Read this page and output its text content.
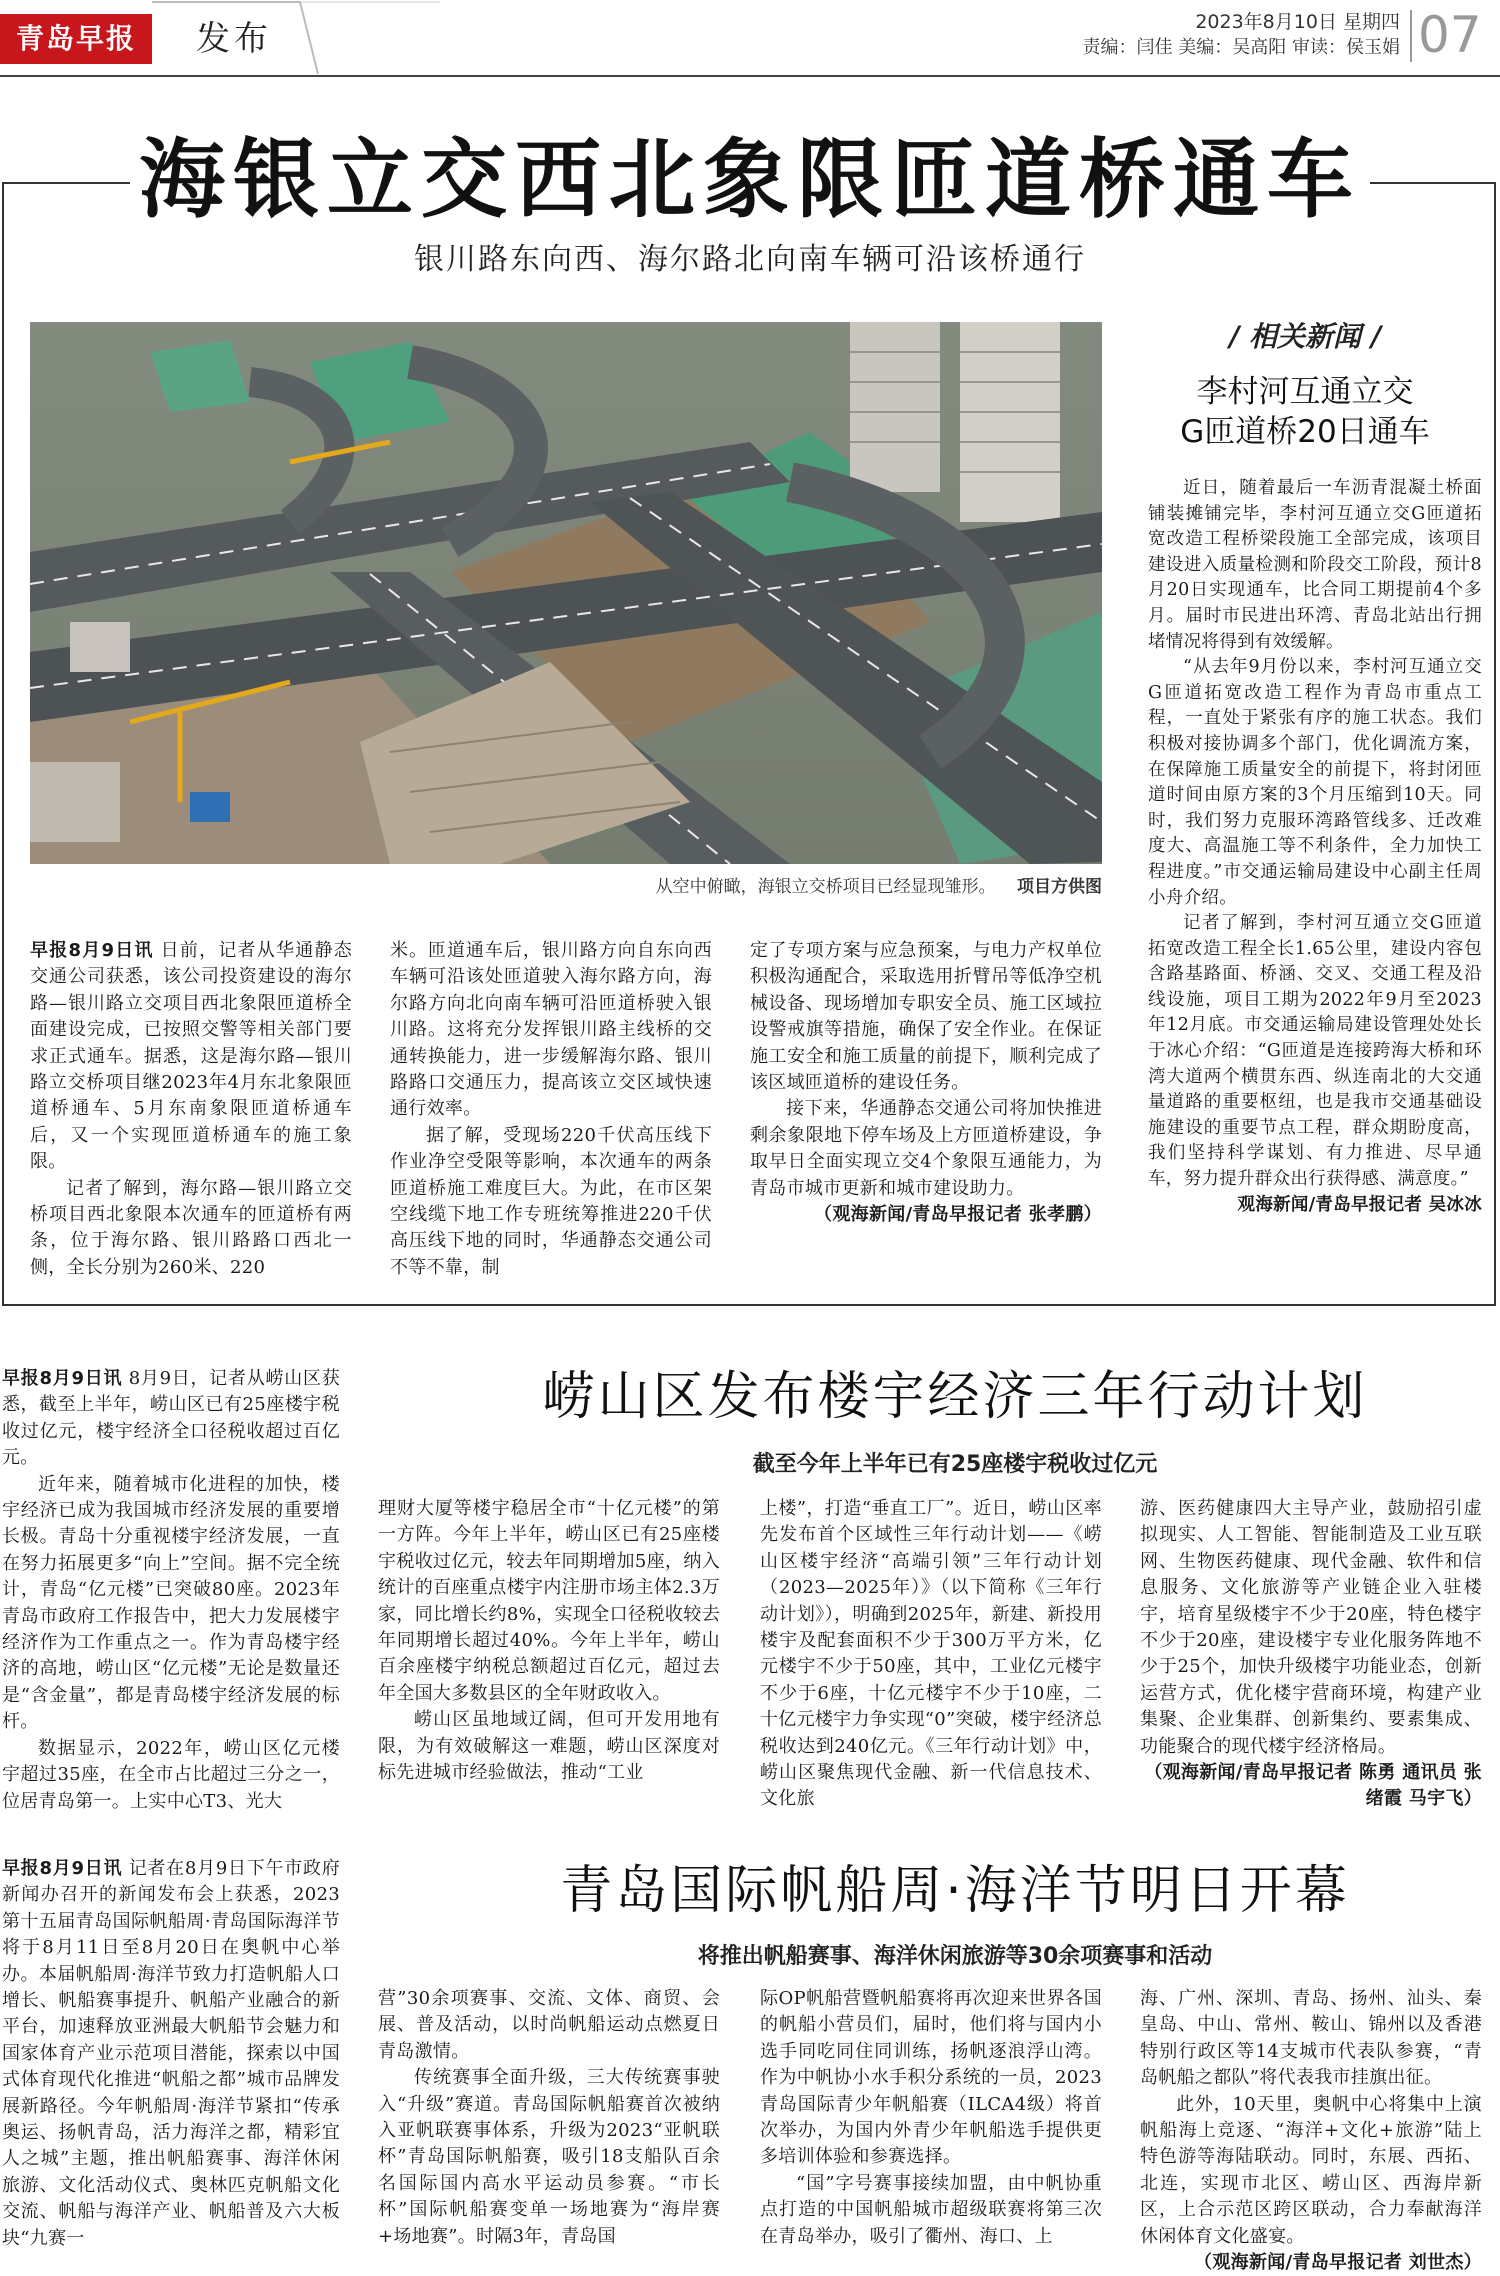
青岛早报	发布	2023年8月10日 星期四
责编：闫佳 美编：吴高阳 审读：侯玉娟 07
海银立交西北象限匝道桥通车
银川路东向西、海尔路北向南车辆可沿该桥通行
从空中俯瞰，海银立交桥项目已经显现雏形。 项目方供图

早报8月9日讯 日前，记者从华通静态交通公司获悉，该公司投资建设的海尔路—银川路立交项目西北象限匝道桥全面建设完成，已按照交警等相关部门要求正式通车。据悉，这是海尔路—银川路立交桥项目继2023年4月东北象限匝道桥通车、5月东南象限匝道桥通车后，又一个实现匝道桥通车的施工象限。

记者了解到，海尔路—银川路立交桥项目西北象限本次通车的匝道桥有两条，位于海尔路、银川路路口西北一侧，全长分别为260米、220

米。匝道通车后，银川路方向自东向西车辆可沿该处匝道驶入海尔路方向，海尔路方向北向南车辆可沿匝道桥驶入银川路。这将充分发挥银川路主线桥的交通转换能力，进一步缓解海尔路、银川路路口交通压力，提高该立交区域快速通行效率。

据了解，受现场220千伏高压线下作业净空受限等影响，本次通车的两条匝道桥施工难度巨大。为此，在市区架空线缆下地工作专班统筹推进220千伏高压线下地的同时，华通静态交通公司不等不靠，制

定了专项方案与应急预案，与电力产权单位积极沟通配合，采取选用折臂吊等低净空机械设备、现场增加专职安全员、施工区域拉设警戒旗等措施，确保了安全作业。在保证施工安全和施工质量的前提下，顺利完成了该区域匝道桥的建设任务。

接下来，华通静态交通公司将加快推进剩余象限地下停车场及上方匝道桥建设，争取早日全面实现立交4个象限互通能力，为青岛市城市更新和城市建设助力。

（观海新闻/青岛早报记者 张孝鹏）

/ 相关新闻 /
李村河互通立交
G匝道桥20日通车

近日，随着最后一车沥青混凝土桥面铺装摊铺完毕，李村河互通立交G匝道拓宽改造工程桥梁段施工全部完成，该项目建设进入质量检测和阶段交工阶段，预计8月20日实现通车，比合同工期提前4个多月。届时市民进出环湾、青岛北站出行拥堵情况将得到有效缓解。

“从去年9月份以来，李村河互通立交G匝道拓宽改造工程作为青岛市重点工程，一直处于紧张有序的施工状态。我们积极对接协调多个部门，优化调流方案，在保障施工质量安全的前提下，将封闭匝道时间由原方案的3个月压缩到10天。同时，我们努力克服环湾路管线多、迁改难度大、高温施工等不利条件，全力加快工程进度。”市交通运输局建设中心副主任周小舟介绍。

记者了解到，李村河互通立交G匝道拓宽改造工程全长1.65公里，建设内容包含路基路面、桥涵、交叉、交通工程及沿线设施，项目工期为2022年9月至2023年12月底。市交通运输局建设管理处处长于冰心介绍：“G匝道是连接跨海大桥和环湾大道两个横贯东西、纵连南北的大交通量道路的重要枢纽，也是我市交通基础设施建设的重要节点工程，群众期盼度高，我们坚持科学谋划、有力推进、尽早通车，努力提升群众出行获得感、满意度。”

观海新闻/青岛早报记者 吴冰冰

崂山区发布楼宇经济三年行动计划
截至今年上半年已有25座楼宇税收过亿元

早报8月9日讯 8月9日，记者从崂山区获悉，截至上半年，崂山区已有25座楼宇税收过亿元，楼宇经济全口径税收超过百亿元。

近年来，随着城市化进程的加快，楼宇经济已成为我国城市经济发展的重要增长极。青岛十分重视楼宇经济发展，一直在努力拓展更多“向上”空间。据不完全统计，青岛“亿元楼”已突破80座。2023年青岛市政府工作报告中，把大力发展楼宇经济作为工作重点之一。作为青岛楼宇经济的高地，崂山区“亿元楼”无论是数量还是“含金量”，都是青岛楼宇经济发展的标杆。

数据显示，2022年，崂山区亿元楼宇超过35座，在全市占比超过三分之一，位居青岛第一。上实中心T3、光大

理财大厦等楼宇稳居全市“十亿元楼”的第一方阵。今年上半年，崂山区已有25座楼宇税收过亿元，较去年同期增加5座，纳入统计的百座重点楼宇内注册市场主体2.3万家，同比增长约8%，实现全口径税收较去年同期增长超过40%。今年上半年，崂山百余座楼宇纳税总额超过百亿元，超过去年全国大多数县区的全年财政收入。

崂山区虽地域辽阔，但可开发用地有限，为有效破解这一难题，崂山区深度对标先进城市经验做法，推动“工业

上楼”，打造“垂直工厂”。近日，崂山区率先发布首个区域性三年行动计划——《崂山区楼宇经济“高端引领”三年行动计划（2023—2025年）》（以下简称《三年行动计划》），明确到2025年，新建、新投用楼宇及配套面积不少于300万平方米，亿元楼宇不少于50座，其中，工业亿元楼宇不少于6座，十亿元楼宇不少于10座，二十亿元楼宇力争实现“0”突破，楼宇经济总税收达到240亿元。《三年行动计划》中，崂山区聚焦现代金融、新一代信息技术、文化旅

游、医药健康四大主导产业，鼓励招引虚拟现实、人工智能、智能制造及工业互联网、生物医药健康、现代金融、软件和信息服务、文化旅游等产业链企业入驻楼宇，培育星级楼宇不少于20座，特色楼宇不少于20座，建设楼宇专业化服务阵地不少于25个，加快升级楼宇功能业态，创新运营方式，优化楼宇营商环境，构建产业集聚、企业集群、创新集约、要素集成、功能聚合的现代楼宇经济格局。

（观海新闻/青岛早报记者 陈勇 通讯员 张绪霞 马宇飞）

青岛国际帆船周·海洋节明日开幕
将推出帆船赛事、海洋休闲旅游等30余项赛事和活动

早报8月9日讯 记者在8月9日下午市政府新闻办召开的新闻发布会上获悉，2023第十五届青岛国际帆船周·青岛国际海洋节将于8月11日至8月20日在奥帆中心举办。本届帆船周·海洋节致力打造帆船人口增长、帆船赛事提升、帆船产业融合的新平台，加速释放亚洲最大帆船节会魅力和国家体育产业示范项目潜能，探索以中国式体育现代化推进“帆船之都”城市品牌发展新路径。今年帆船周·海洋节紧扣“传承奥运、扬帆青岛，活力海洋之都，精彩宜人之城”主题，推出帆船赛事、海洋休闲旅游、文化活动仪式、奥林匹克帆船文化交流、帆船与海洋产业、帆船普及六大板块“九赛一

营”30余项赛事、交流、文体、商贸、会展、普及活动，以时尚帆船运动点燃夏日青岛激情。

传统赛事全面升级，三大传统赛事驶入“升级”赛道。青岛国际帆船赛首次被纳入亚帆联赛事体系，升级为2023“亚帆联杯”青岛国际帆船赛，吸引18支船队百余名国际国内高水平运动员参赛。“市长杯”国际帆船赛变单一场地赛为“海岸赛+场地赛”。时隔3年，青岛国

际OP帆船营暨帆船赛将再次迎来世界各国的帆船小营员们，届时，他们将与国内小选手同吃同住同训练，扬帆逐浪浮山湾。作为中帆协小水手积分系统的一员，2023青岛国际青少年帆船赛（ILCA4级）将首次举办，为国内外青少年帆船选手提供更多培训体验和参赛选择。

“国”字号赛事接续加盟，由中帆协重点打造的中国帆船城市超级联赛将第三次在青岛举办，吸引了衢州、海口、上

海、广州、深圳、青岛、扬州、汕头、秦皇岛、中山、常州、鞍山、锦州以及香港特别行政区等14支城市代表队参赛，“青岛帆船之都队”将代表我市挂旗出征。

此外，10天里，奥帆中心将集中上演帆船海上竞逐、“海洋+文化+旅游”陆上特色游等海陆联动。同时，东展、西拓、北连，实现市北区、崂山区、西海岸新区，上合示范区跨区联动，合力奉献海洋休闲体育文化盛宴。

（观海新闻/青岛早报记者 刘世杰）
